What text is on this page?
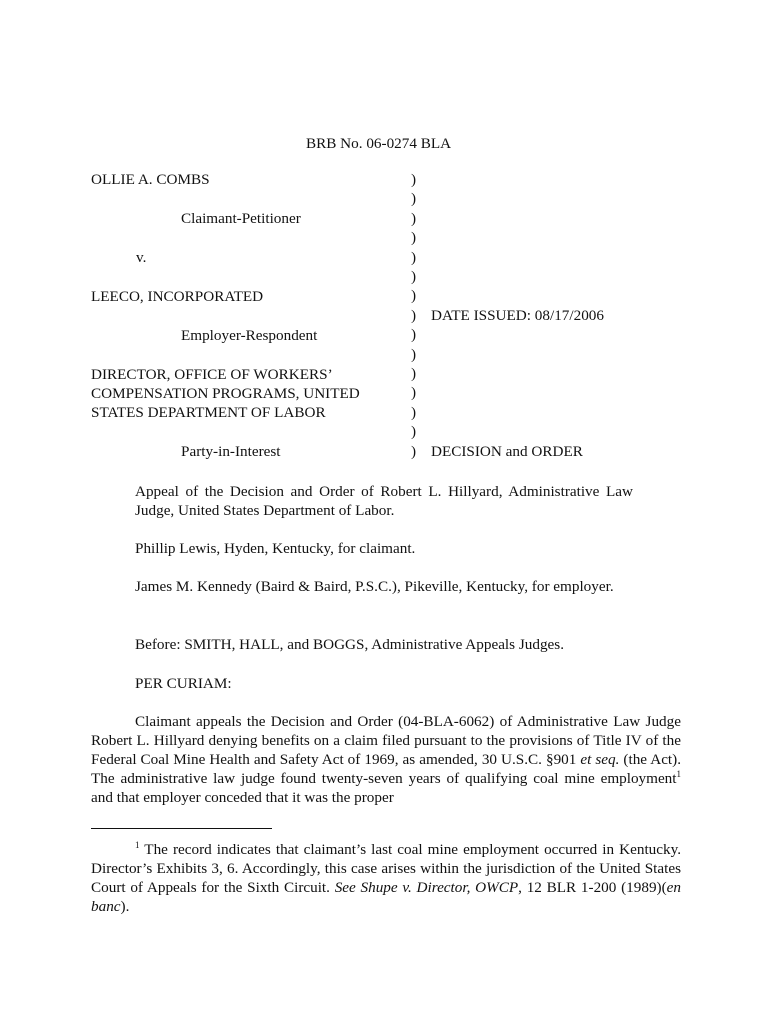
BRB No. 06-0274 BLA
OLLIE A. COMBS
Claimant-Petitioner
v.
LEECO, INCORPORATED
Employer-Respondent
DIRECTOR, OFFICE OF WORKERS’
COMPENSATION PROGRAMS, UNITED
STATES DEPARTMENT OF LABOR
Party-in-Interest
)
)
)
)
)
)
)
)
)
)
)
)
)
)
)
DATE ISSUED: 08/17/2006
DECISION and ORDER

Appeal of the Decision and Order of Robert L. Hillyard, Administrative Law Judge, United States Department of Labor.

Phillip Lewis, Hyden, Kentucky, for claimant.

James M. Kennedy (Baird & Baird, P.S.C.), Pikeville, Kentucky, for employer.

Before: SMITH, HALL, and BOGGS, Administrative Appeals Judges.

PER CURIAM:

Claimant appeals the Decision and Order (04-BLA-6062) of Administrative Law Judge Robert L. Hillyard denying benefits on a claim filed pursuant to the provisions of Title IV of the Federal Coal Mine Health and Safety Act of 1969, as amended, 30 U.S.C. §901 et seq. (the Act). The administrative law judge found twenty-seven years of qualifying coal mine employment$^1$ and that employer conceded that it was the proper

$^1$ The record indicates that claimant’s last coal mine employment occurred in Kentucky. Director’s Exhibits 3, 6. Accordingly, this case arises within the jurisdiction of the United States Court of Appeals for the Sixth Circuit. See Shupe v. Director, OWCP, 12 BLR 1-200 (1989)(en banc).
